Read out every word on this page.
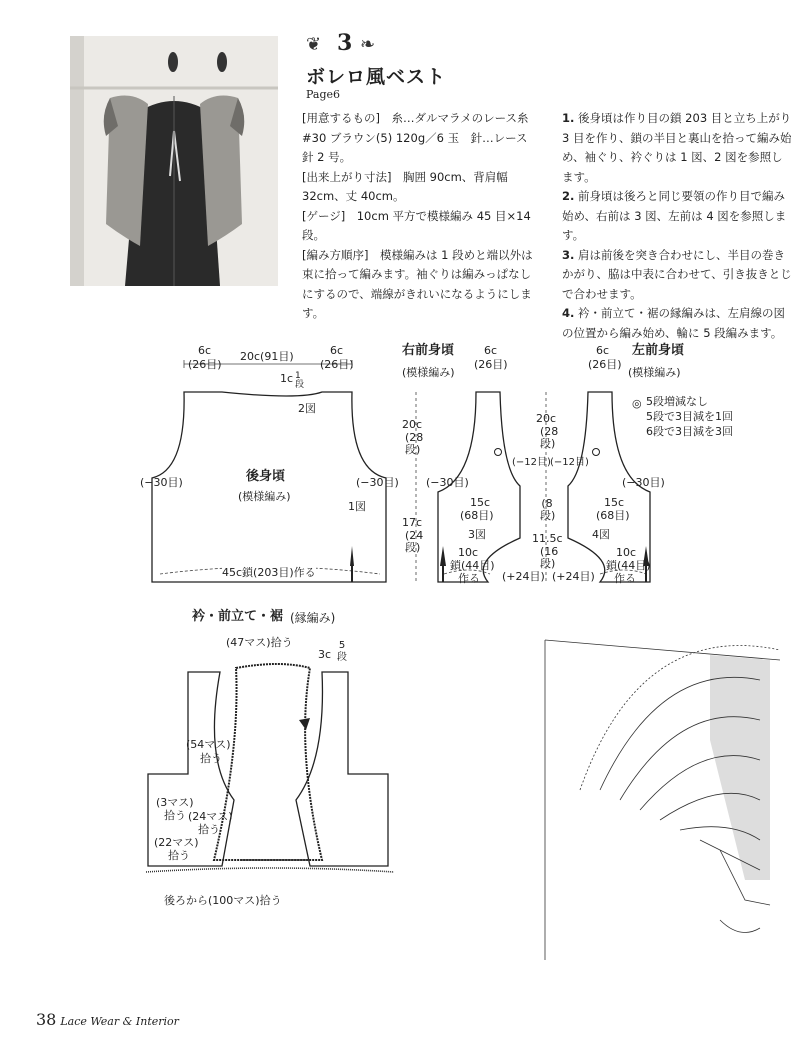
❦ 3 ❧
ボレロ風ベスト
Page6

[用意するもの]　糸…ダルマラメのレース糸#30 ブラウン(5) 120g／6 玉　針…レース針 2 号。

[出来上がり寸法]　胸囲 90cm、背肩幅 32cm、丈 40cm。

[ゲージ]　10cm 平方で模様編み 45 目×14 段。

[編み方順序]　模様編みは 1 段めと端以外は束に拾って編みます。袖ぐりは編みっぱなしにするので、端線がきれいになるようにします。

1. 後身頃は作り目の鎖 203 目と立ち上がり 3 目を作り、鎖の半目と裏山を拾って編み始め、袖ぐり、衿ぐりは 1 図、2 図を参照します。

2. 前身頃は後ろと同じ要領の作り目で編み始め、右前は 3 図、左前は 4 図を参照します。

3. 肩は前後を突き合わせにし、半目の巻きかがり、脇は中表に合わせて、引き抜きとじで合わせます。

4. 衿・前立て・裾の縁編みは、左肩線の図の位置から編み始め、輪に 5 段編みます。

6c
(26目)
20c(91目)	6c
(26目)
1c 1段
2図
後身頃
(模様編み)
1図
(−30目)	(−30目)
45c鎖(203目)作る
20c
(28段)
17c
(24段)
右前身頃
(模様編み)
6c
(26目)
(−30目)
15c
(68目)
3図
10c
鎖(44目)
作る
20c
(28段)
(−12目) (−12目)
(8段)
11.5c
(16段)
(+24目) (+24目)
6c
(26目)
左前身頃
(模様編み)
◎ 5段増減なし
5段で3目減を1回
6段で3目減を3回
(−30目)
15c
(68目)
4図
10c
鎖(44目)
作る
衿・前立て・裾 (縁編み)
(47マス)拾う
3c
5段
(54マス)
拾う
(3マス)
拾う (24マス)
拾う
(22マス)
拾う
後ろから(100マス)拾う
38 Lace Wear & Interior
